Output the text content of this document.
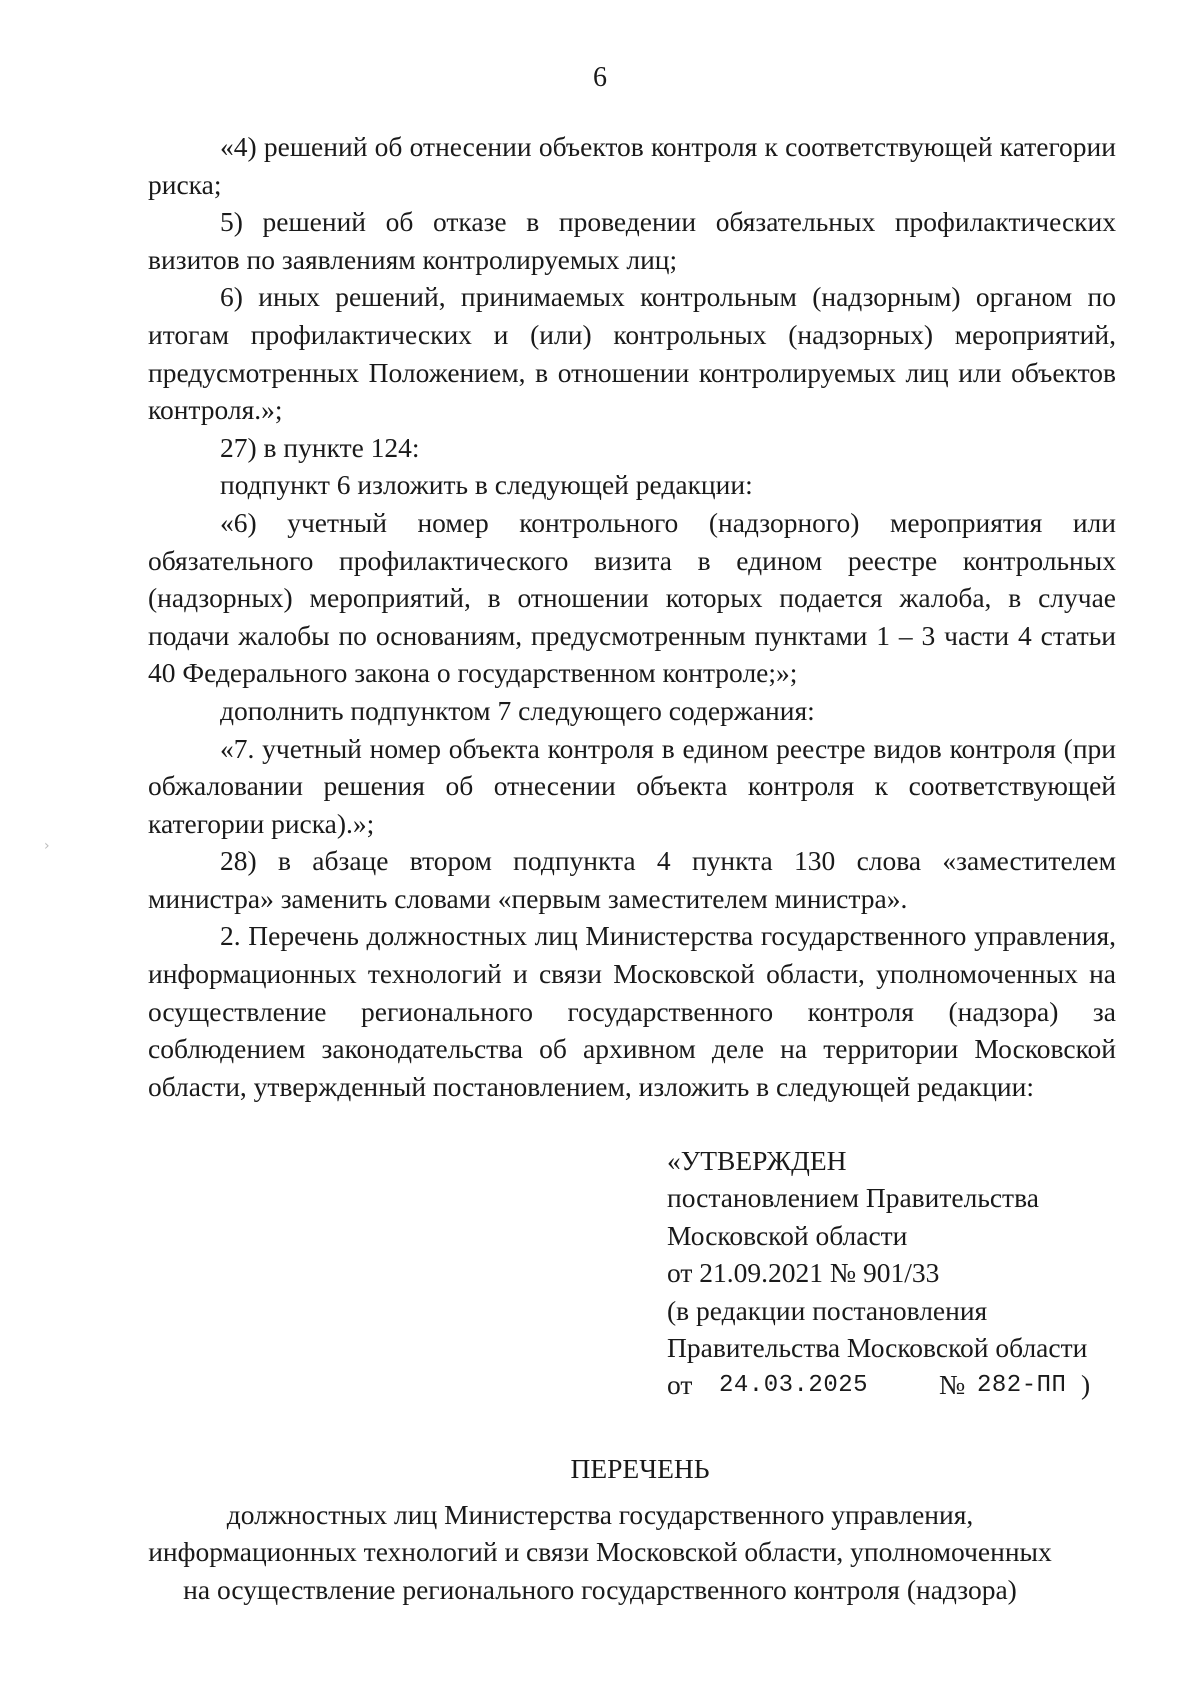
6
›

«4) решений об отнесении объектов контроля к соответствующей категории риска;

5) решений об отказе в проведении обязательных профилактических визитов по заявлениям контролируемых лиц;

6) иных решений, принимаемых контрольным (надзорным) органом по итогам профилактических и (или) контрольных (надзорных) мероприятий, предусмотренных Положением, в отношении контролируемых лиц или объектов контроля.»;

27) в пункте 124:

подпункт 6 изложить в следующей редакции:

«6) учетный номер контрольного (надзорного) мероприятия или обязательного профилактического визита в едином реестре контрольных (надзорных) мероприятий, в отношении которых подается жалоба, в случае подачи жалобы по основаниям, предусмотренным пунктами 1 – 3 части 4 статьи 40 Федерального закона о государственном контроле;»;

дополнить подпунктом 7 следующего содержания:

«7. учетный номер объекта контроля в едином реестре видов контроля (при обжаловании решения об отнесении объекта контроля к соответствующей категории риска).»;

28) в абзаце втором подпункта 4 пункта 130 слова «заместителем министра» заменить словами «первым заместителем министра».

2. Перечень должностных лиц Министерства государственного управления, информационных технологий и связи Московской области, уполномоченных на осуществление регионального государственного контроля (надзора) за соблюдением законодательства об архивном деле на территории Московской области, утвержденный постановлением, изложить в следующей редакции:

«УТВЕРЖДЕН
постановлением Правительства
Московской области
от 21.09.2021 № 901/33
(в редакции постановления
Правительства Московской области
от 24.03.2025	№ 282-ПП )
ПЕРЕЧЕНЬ
должностных лиц Министерства государственного управления,
информационных технологий и связи Московской области, уполномоченных
на осуществление регионального государственного контроля (надзора)
